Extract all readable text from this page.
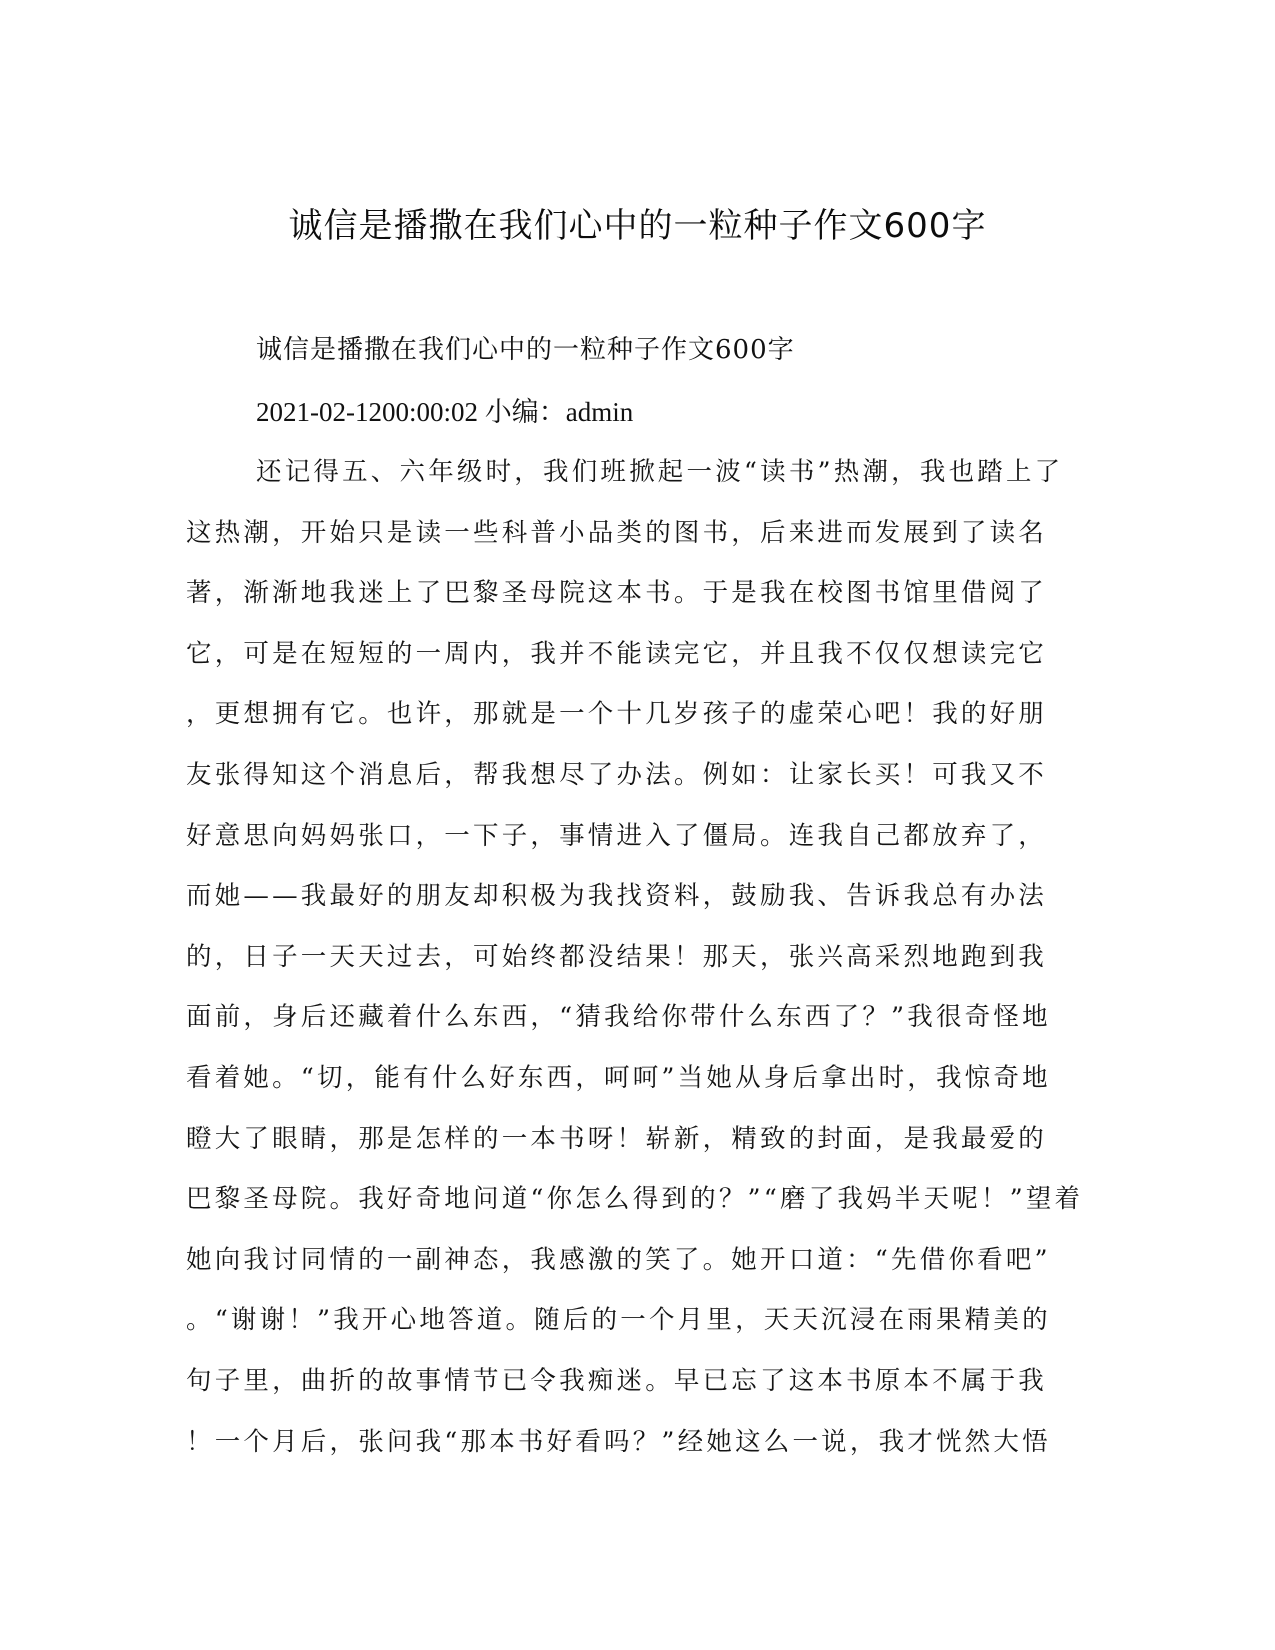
诚信是播撒在我们心中的一粒种子作文600字
诚信是播撒在我们心中的一粒种子作文600字
2021-02-1200:00:02 小编：admin
还记得五、六年级时，我们班掀起一波“读书”热潮，我也踏上了
这热潮，开始只是读一些科普小品类的图书，后来进而发展到了读名
著，渐渐地我迷上了巴黎圣母院这本书。于是我在校图书馆里借阅了
它，可是在短短的一周内，我并不能读完它，并且我不仅仅想读完它
，更想拥有它。也许，那就是一个十几岁孩子的虚荣心吧！我的好朋
友张得知这个消息后，帮我想尽了办法。例如：让家长买！可我又不
好意思向妈妈张口，一下子，事情进入了僵局。连我自己都放弃了，
而她——我最好的朋友却积极为我找资料，鼓励我、告诉我总有办法
的，日子一天天过去，可始终都没结果！那天，张兴高采烈地跑到我
面前，身后还藏着什么东西，“猜我给你带什么东西了？”我很奇怪地
看着她。“切，能有什么好东西，呵呵”当她从身后拿出时，我惊奇地
瞪大了眼睛，那是怎样的一本书呀！崭新，精致的封面，是我最爱的
巴黎圣母院。我好奇地问道“你怎么得到的？”“磨了我妈半天呢！”望着
她向我讨同情的一副神态，我感激的笑了。她开口道：“先借你看吧”
。“谢谢！”我开心地答道。随后的一个月里，天天沉浸在雨果精美的
句子里，曲折的故事情节已令我痴迷。早已忘了这本书原本不属于我
！一个月后，张问我“那本书好看吗？”经她这么一说，我才恍然大悟
